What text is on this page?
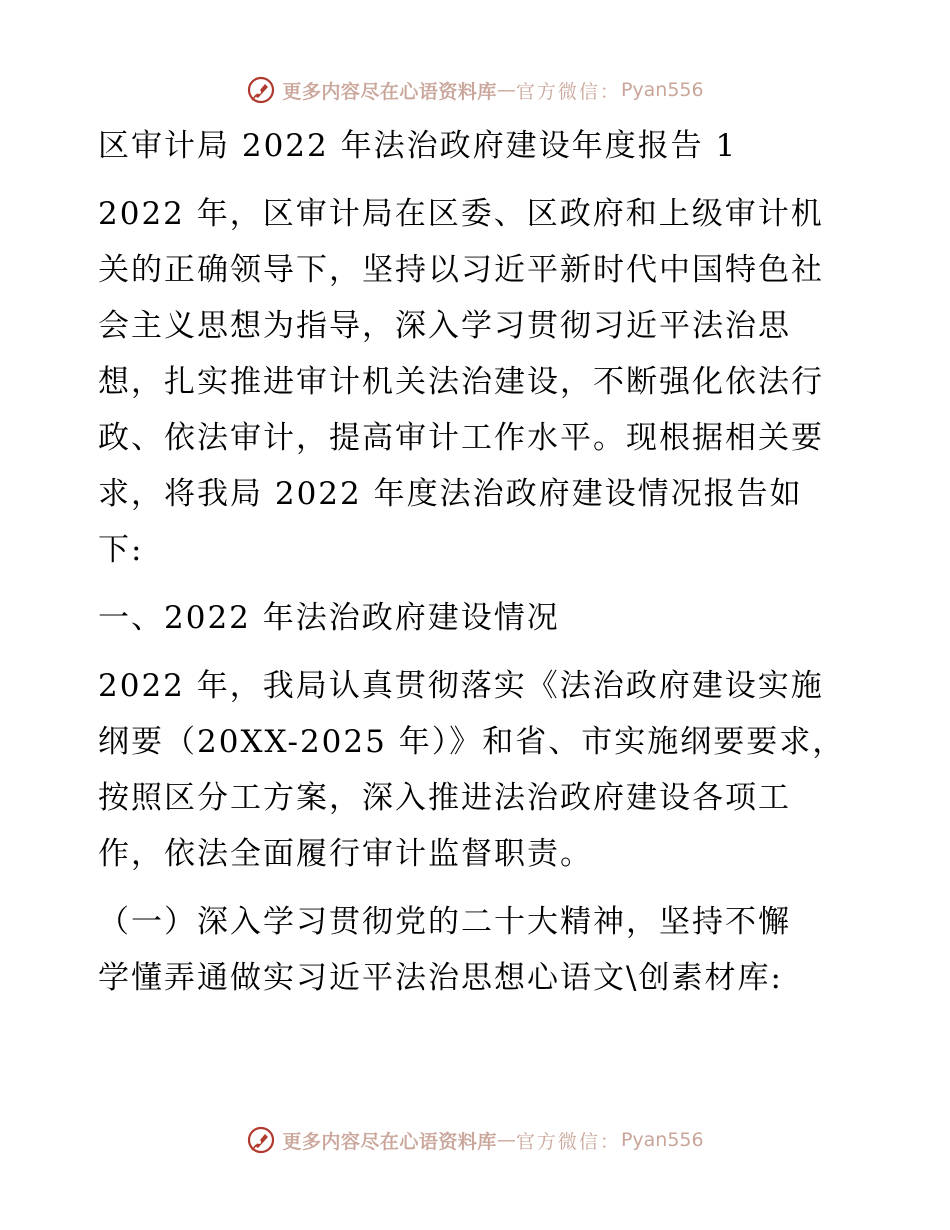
更多内容尽在心语资料库 — 官方微信： Pyan556
区审计局 2022 年法治政府建设年度报告 1
2022 年，区审计局在区委、区政府和上级审计机
关的正确领导下，坚持以习近平新时代中国特色社
会主义思想为指导，深入学习贯彻习近平法治思
想，扎实推进审计机关法治建设，不断强化依法行
政、依法审计，提高审计工作水平。现根据相关要
求，将我局 2022 年度法治政府建设情况报告如
下:
一、2022 年法治政府建设情况
2022 年，我局认真贯彻落实《法治政府建设实施
纲要（20XX-2025 年）》和省、市实施纲要要求，
按照区分工方案，深入推进法治政府建设各项工
作，依法全面履行审计监督职责。
（一）深入学习贯彻党的二十大精神，坚持不懈
学懂弄通做实习近平法治思想心语文\创素材库:
更多内容尽在心语资料库 — 官方微信： Pyan556
